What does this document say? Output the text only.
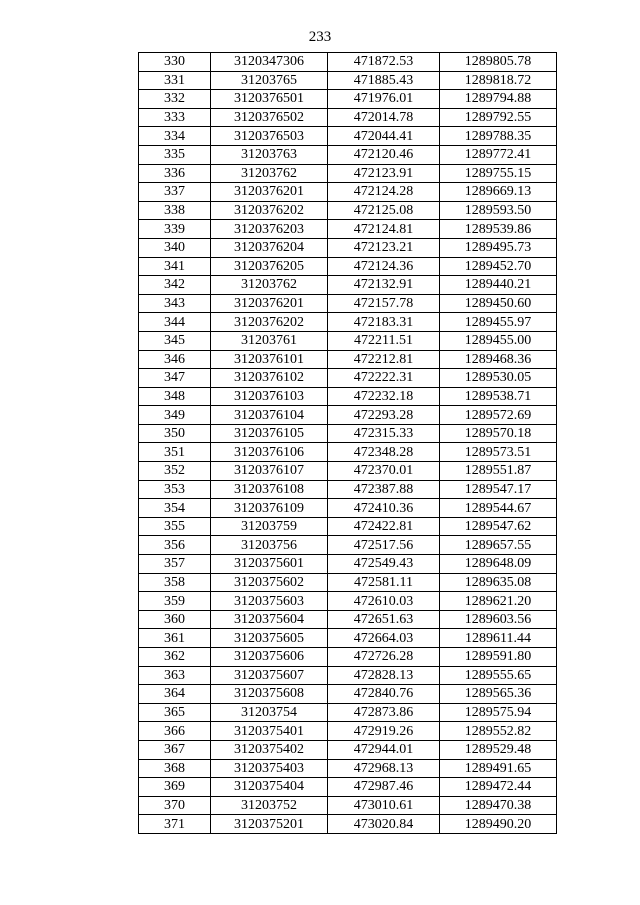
233
330	3120347306	471872.53	1289805.78
331	31203765	471885.43	1289818.72
332	3120376501	471976.01	1289794.88
333	3120376502	472014.78	1289792.55
334	3120376503	472044.41	1289788.35
335	31203763	472120.46	1289772.41
336	31203762	472123.91	1289755.15
337	3120376201	472124.28	1289669.13
338	3120376202	472125.08	1289593.50
339	3120376203	472124.81	1289539.86
340	3120376204	472123.21	1289495.73
341	3120376205	472124.36	1289452.70
342	31203762	472132.91	1289440.21
343	3120376201	472157.78	1289450.60
344	3120376202	472183.31	1289455.97
345	31203761	472211.51	1289455.00
346	3120376101	472212.81	1289468.36
347	3120376102	472222.31	1289530.05
348	3120376103	472232.18	1289538.71
349	3120376104	472293.28	1289572.69
350	3120376105	472315.33	1289570.18
351	3120376106	472348.28	1289573.51
352	3120376107	472370.01	1289551.87
353	3120376108	472387.88	1289547.17
354	3120376109	472410.36	1289544.67
355	31203759	472422.81	1289547.62
356	31203756	472517.56	1289657.55
357	3120375601	472549.43	1289648.09
358	3120375602	472581.11	1289635.08
359	3120375603	472610.03	1289621.20
360	3120375604	472651.63	1289603.56
361	3120375605	472664.03	1289611.44
362	3120375606	472726.28	1289591.80
363	3120375607	472828.13	1289555.65
364	3120375608	472840.76	1289565.36
365	31203754	472873.86	1289575.94
366	3120375401	472919.26	1289552.82
367	3120375402	472944.01	1289529.48
368	3120375403	472968.13	1289491.65
369	3120375404	472987.46	1289472.44
370	31203752	473010.61	1289470.38
371	3120375201	473020.84	1289490.20
